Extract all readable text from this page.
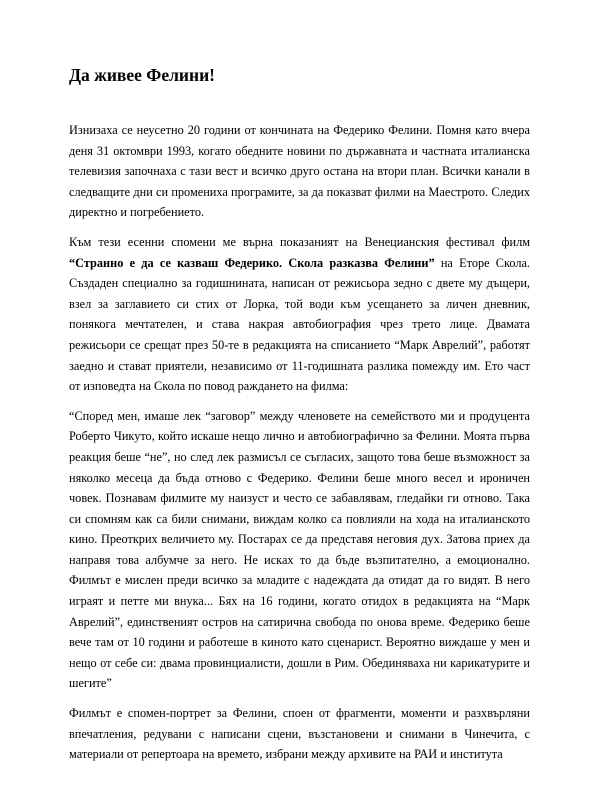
Да живее Фелини!

Изнизаха се неусетно 20 години от кончината на Федерико Фелини. Помня като вчера деня 31 октомври 1993, когато обедните новини по държавната и частната италианска телевизия започнаха с тази вест и всичко друго остана на втори план. Всички канали в следващите дни си промениха програмите, за да показват филми на Маестрото. Следих директно и погребението.

Към тези есенни спомени ме върна показаният на Венецианския фестивал филм “Странно е да се казваш Федерико. Скола разказва Фелини” на Еторе Скола. Създаден специално за годишнината, написан от режисьора зедно с двете му дъщери, взел за заглавието си стих от Лорка, той води към усещането за личен дневник, понякога мечтателен, и става накрая автобиография чрез трето лице. Двамата режисьори се срещат през 50-те в редакцията на списанието “Марк Аврелий”, работят заедно и стават приятели, независимо от 11-годишната разлика помежду им. Ето част от изповедта на Скола по повод раждането на филма:

“Според мен, имаше лек “заговор” между членовете на семейството ми и продуцента Роберто Чикуто, който искаше нещо лично и автобиографично за Фелини. Моята първа реакция беше “не”, но след лек размисъл се съгласих, защото това беше възможност за няколко месеца да бъда отново с Федерико. Фелини беше много весел и ироничен човек. Познавам филмите му наизуст и често се забавлявам, гледайки ги отново. Така си спомням как са били снимани, виждам колко са повлияли на хода на италианското кино. Преоткрих величието му. Постарах се да представя неговия дух. Затова приех да направя това албумче за него. Не исках то да бъде възпитателно, а емоционално. Филмът е мислен преди всичко за младите с надеждата да отидат да го видят. В него играят и петте ми внука... Бях на 16 години, когато отидох в редакцията на “Марк Аврелий”, единственият остров на сатирична свобода по онова време. Федерико беше вече там от 10 години и работеше в киното като сценарист. Вероятно виждаше у мен и нещо от себе си: двама провинциалисти, дошли в Рим. Обединяваха ни карикатурите и шегите”

Филмът е спомен-портрет за Фелини, споен от фрагменти, моменти и разхвърляни впечатления, редувани с написани сцени, възстановени и снимани в Чинечита, с материали от репертоара на времето, избрани между архивите на РАИ и института
